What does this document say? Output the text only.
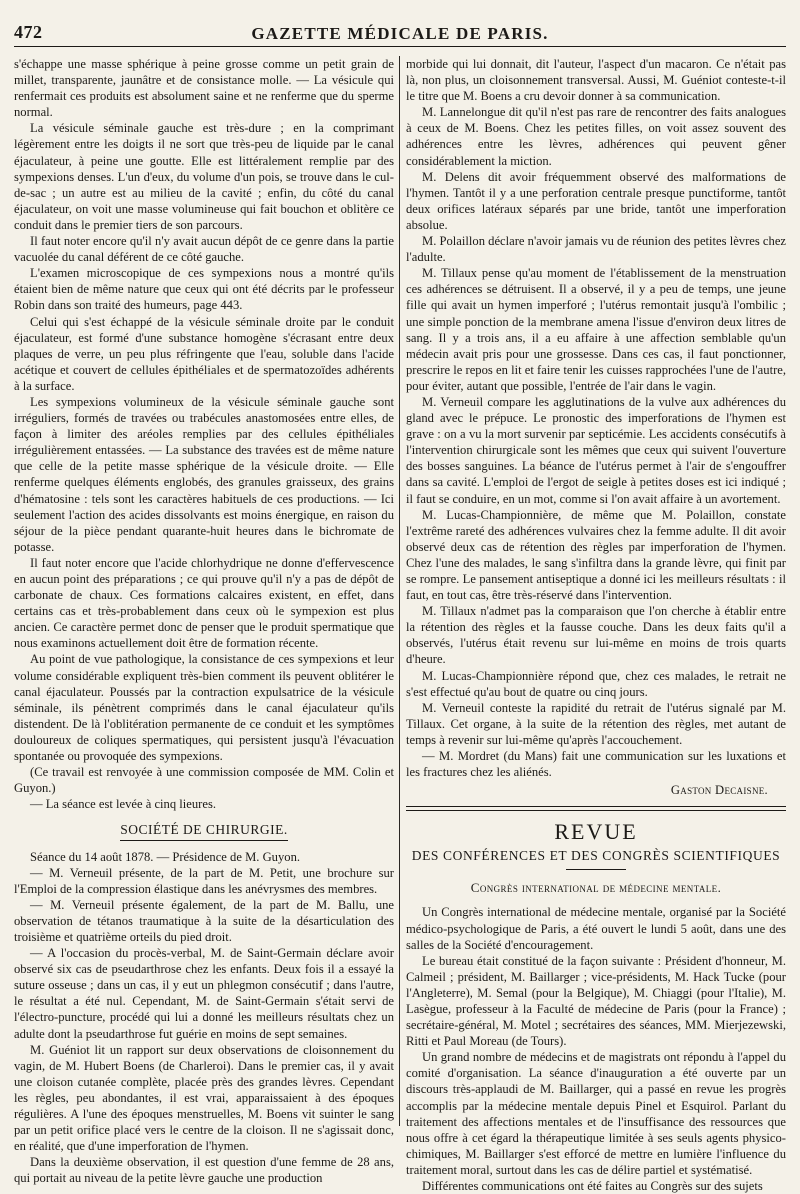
472	GAZETTE MÉDICALE DE PARIS.

s'échappe une masse sphérique à peine grosse comme un petit grain de millet, transparente, jaunâtre et de consistance molle. — La vésicule qui renfermait ces produits est absolument saine et ne renferme que du sperme normal.

La vésicule séminale gauche est très-dure ; en la comprimant légèrement entre les doigts il ne sort que très-peu de liquide par le canal éjaculateur, à peine une goutte. Elle est littéralement remplie par des sympexions denses. L'un d'eux, du volume d'un pois, se trouve dans le cul-de-sac ; un autre est au milieu de la cavité ; enfin, du côté du canal éjaculateur, on voit une masse volumineuse qui fait bouchon et oblitère ce conduit dans le premier tiers de son parcours.

Il faut noter encore qu'il n'y avait aucun dépôt de ce genre dans la partie vacuolée du canal déférent de ce côté gauche.

L'examen microscopique de ces sympexions nous a montré qu'ils étaient bien de même nature que ceux qui ont été décrits par le professeur Robin dans son traité des humeurs, page 443.

Celui qui s'est échappé de la vésicule séminale droite par le conduit éjaculateur, est formé d'une substance homogène s'écrasant entre deux plaques de verre, un peu plus réfringente que l'eau, soluble dans l'acide acétique et couvert de cellules épithéliales et de spermatozoïdes adhérents à la surface.

Les sympexions volumineux de la vésicule séminale gauche sont irréguliers, formés de travées ou trabécules anastomosées entre elles, de façon à limiter des aréoles remplies par des cellules épithéliales irrégulièrement entassées. — La substance des travées est de même nature que celle de la petite masse sphérique de la vésicule droite. — Elle renferme quelques éléments englobés, des granules graisseux, des grains d'hématosine : tels sont les caractères habituels de ces productions. — Ici seulement l'action des acides dissolvants est moins énergique, en raison du séjour de la pièce pendant quarante-huit heures dans le bichromate de potasse.

Il faut noter encore que l'acide chlorhydrique ne donne d'effervescence en aucun point des préparations ; ce qui prouve qu'il n'y a pas de dépôt de carbonate de chaux. Ces formations calcaires existent, en effet, dans certains cas et très-probablement dans ceux où le sympexion est plus ancien. Ce caractère permet donc de penser que le produit spermatique que nous examinons actuellement doit être de formation récente.

Au point de vue pathologique, la consistance de ces sympexions et leur volume considérable expliquent très-bien comment ils peuvent oblitérer le canal éjaculateur. Poussés par la contraction expulsatrice de la vésicule séminale, ils pénètrent comprimés dans le canal éjaculateur qu'ils distendent. De là l'oblitération permanente de ce conduit et les symptômes douloureux de coliques spermatiques, qui persistent jusqu'à l'évacuation spontanée ou provoquée des sympexions.

(Ce travail est renvoyée à une commission composée de MM. Colin et Guyon.)

— La séance est levée à cinq lieures.

SOCIÉTÉ DE CHIRURGIE.

Séance du 14 août 1878. — Présidence de M. Guyon.

— M. Verneuil présente, de la part de M. Petit, une brochure sur l'Emploi de la compression élastique dans les anévrysmes des membres.

— M. Verneuil présente également, de la part de M. Ballu, une observation de tétanos traumatique à la suite de la désarticulation des troisième et quatrième orteils du pied droit.

— A l'occasion du procès-verbal, M. de Saint-Germain déclare avoir observé six cas de pseudarthrose chez les enfants. Deux fois il a essayé la suture osseuse ; dans un cas, il y eut un phlegmon consécutif ; dans l'autre, le résultat a été nul. Cependant, M. de Saint-Germain s'était servi de l'électro-puncture, procédé qui lui a donné les meilleurs résultats chez un adulte dont la pseudarthrose fut guérie en moins de sept semaines.

M. Guéniot lit un rapport sur deux observations de cloisonnement du vagin, de M. Hubert Boens (de Charleroi). Dans le premier cas, il y avait une cloison cutanée complète, placée près des grandes lèvres. Cependant les règles, peu abondantes, il est vrai, apparaissaient à des époques régulières. A l'une des époques menstruelles, M. Boens vit suinter le sang par un petit orifice placé vers le centre de la cloison. Il ne s'agissait donc, en réalité, que d'une imperforation de l'hymen.

Dans la deuxième observation, il est question d'une femme de 28 ans, qui portait au niveau de la petite lèvre gauche une production

morbide qui lui donnait, dit l'auteur, l'aspect d'un macaron. Ce n'était pas là, non plus, un cloisonnement transversal. Aussi, M. Guéniot conteste-t-il le titre que M. Boens a cru devoir donner à sa communication.

M. Lannelongue dit qu'il n'est pas rare de rencontrer des faits analogues à ceux de M. Boens. Chez les petites filles, on voit assez souvent des adhérences entre les lèvres, adhérences qui peuvent gêner considérablement la miction.

M. Delens dit avoir fréquemment observé des malformations de l'hymen. Tantôt il y a une perforation centrale presque punctiforme, tantôt deux orifices latéraux séparés par une bride, tantôt une imperforation absolue.

M. Polaillon déclare n'avoir jamais vu de réunion des petites lèvres chez l'adulte.

M. Tillaux pense qu'au moment de l'établissement de la menstruation ces adhérences se détruisent. Il a observé, il y a peu de temps, une jeune fille qui avait un hymen imperforé ; l'utérus remontait jusqu'à l'ombilic ; une simple ponction de la membrane amena l'issue d'environ deux litres de sang. Il y a trois ans, il a eu affaire à une affection semblable qu'un médecin avait pris pour une grossesse. Dans ces cas, il faut ponctionner, prescrire le repos en lit et faire tenir les cuisses rapprochées l'une de l'autre, pour éviter, autant que possible, l'entrée de l'air dans le vagin.

M. Verneuil compare les agglutinations de la vulve aux adhérences du gland avec le prépuce. Le pronostic des imperforations de l'hymen est grave : on a vu la mort survenir par septicémie. Les accidents consécutifs à l'intervention chirurgicale sont les mêmes que ceux qui suivent l'ouverture des bosses sanguines. La béance de l'utérus permet à l'air de s'engouffrer dans sa cavité. L'emploi de l'ergot de seigle à petites doses est ici indiqué ; il faut se conduire, en un mot, comme si l'on avait affaire à un avortement.

M. Lucas-Championnière, de même que M. Polaillon, constate l'extrême rareté des adhérences vulvaires chez la femme adulte. Il dit avoir observé deux cas de rétention des règles par imperforation de l'hymen. Chez l'une des malades, le sang s'infiltra dans la grande lèvre, qui finit par se rompre. Le pansement antiseptique a donné ici les meilleurs résultats : il faut, en tout cas, être très-réservé dans l'intervention.

M. Tillaux n'admet pas la comparaison que l'on cherche à établir entre la rétention des règles et la fausse couche. Dans les deux faits qu'il a observés, l'utérus était revenu sur lui-même en moins de trois quarts d'heure.

M. Lucas-Championnière répond que, chez ces malades, le retrait ne s'est effectué qu'au bout de quatre ou cinq jours.

M. Verneuil conteste la rapidité du retrait de l'utérus signalé par M. Tillaux. Cet organe, à la suite de la rétention des règles, met autant de temps à revenir sur lui-même qu'après l'accouchement.

— M. Mordret (du Mans) fait une communication sur les luxations et les fractures chez les aliénés.

Gaston Decaisne.
REVUE
DES CONFÉRENCES ET DES CONGRÈS SCIENTIFIQUES
Congrès international de médecine mentale.

Un Congrès international de médecine mentale, organisé par la Société médico-psychologique de Paris, a été ouvert le lundi 5 août, dans une des salles de la Société d'encouragement.

Le bureau était constitué de la façon suivante : Président d'honneur, M. Calmeil ; président, M. Baillarger ; vice-présidents, M. Hack Tucke (pour l'Angleterre), M. Semal (pour la Belgique), M. Chiaggi (pour l'Italie), M. Lasègue, professeur à la Faculté de médecine de Paris (pour la France) ; secrétaire-général, M. Motel ; secrétaires des séances, MM. Mierjezewski, Ritti et Paul Moreau (de Tours).

Un grand nombre de médecins et de magistrats ont répondu à l'appel du comité d'organisation. La séance d'inauguration a été ouverte par un discours très-applaudi de M. Baillarger, qui a passé en revue les progrès accomplis par la médecine mentale depuis Pinel et Esquirol. Parlant du traitement des affections mentales et de l'insuffisance des ressources que nous offre à cet égard la thérapeutique limitée à ses seuls agents physico-chimiques, M. Baillarger s'est efforcé de mettre en lumière l'influence du traitement moral, surtout dans les cas de délire partiel et systématisé.

Différentes communications ont été faites au Congrès sur des sujets
